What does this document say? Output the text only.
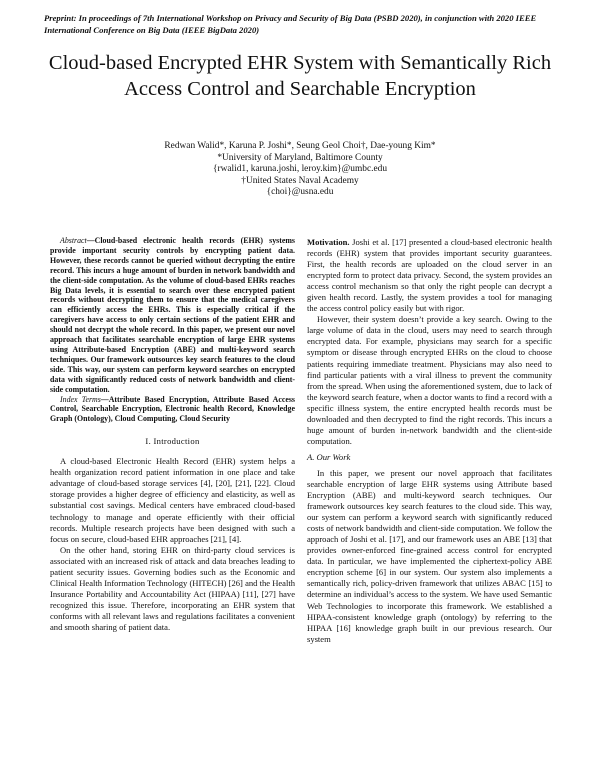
Preprint: In proceedings of 7th International Workshop on Privacy and Security of Big Data (PSBD 2020), in conjunction with 2020 IEEE International Conference on Big Data (IEEE BigData 2020)
Cloud-based Encrypted EHR System with Semantically Rich Access Control and Searchable Encryption
Redwan Walid*, Karuna P. Joshi*, Seung Geol Choi†, Dae-young Kim*
*University of Maryland, Baltimore County
{rwalid1, karuna.joshi, leroy.kim}@umbc.edu
†United States Naval Academy
{choi}@usna.edu

Abstract—Cloud-based electronic health records (EHR) systems provide important security controls by encrypting patient data. However, these records cannot be queried without decrypting the entire record. This incurs a huge amount of burden in network bandwidth and the client-side computation. As the volume of cloud-based EHRs reaches Big Data levels, it is essential to search over these encrypted patient records without decrypting them to ensure that the medical caregivers can efficiently access the EHRs. This is especially critical if the caregivers have access to only certain sections of the patient EHR and should not decrypt the whole record. In this paper, we present our novel approach that facilitates searchable encryption of large EHR systems using Attribute-based Encryption (ABE) and multi-keyword search techniques. Our framework outsources key search features to the cloud side. This way, our system can perform keyword searches on encrypted data with significantly reduced costs of network bandwidth and client-side computation.

Index Terms—Attribute Based Encryption, Attribute Based Access Control, Searchable Encryption, Electronic health Record, Knowledge Graph (Ontology), Cloud Computing, Cloud Security

I. Introduction

A cloud-based Electronic Health Record (EHR) system helps a health organization record patient information in one place and take advantage of cloud-based storage services [4], [20], [21], [22]. Cloud storage provides a higher degree of efficiency and elasticity, as well as substantial cost savings. Medical centers have embraced cloud-based technology to manage and operate efficiently with their official records. Multiple research projects have been designed with such a focus on secure, cloud-based EHR approaches [21], [4].

On the other hand, storing EHR on third-party cloud services is associated with an increased risk of attack and data breaches leading to patient security issues. Governing bodies such as the Economic and Clinical Health Information Technology (HITECH) [26] and the Health Insurance Portability and Accountability Act (HIPAA) [11], [27] have recognized this issue. Therefore, incorporating an EHR system that conforms with all relevant laws and regulations facilitates a convenient and smooth sharing of patient data.

Motivation. Joshi et al. [17] presented a cloud-based electronic health records (EHR) system that provides important security guarantees. First, the health records are uploaded on the cloud server in an encrypted form to protect data privacy. Second, the system provides an access control mechanism so that only the right people can decrypt a given health record. Lastly, the system provides a tool for managing the access control policy easily but with rigor.

However, their system doesn’t provide a key search. Owing to the large volume of data in the cloud, users may need to search through encrypted data. For example, physicians may search for a specific symptom or disease through encrypted EHRs on the cloud to choose patients requiring immediate treatment. Physicians may also need to find particular patients with a viral illness to prevent the community from the spread. When using the aforementioned system, due to lack of the keyword search feature, when a doctor wants to find a record with a specific illness system, the entire encrypted health records must be downloaded and then decrypted to find the right records. This incurs a huge amount of burden in-network bandwidth and the client-side computation.

A. Our Work

In this paper, we present our novel approach that facilitates searchable encryption of large EHR systems using Attribute based Encryption (ABE) and multi-keyword search techniques. Our framework outsources key search features to the cloud side. This way, our system can perform a keyword search with significantly reduced costs of network bandwidth and client-side computation. We follow the approach of Joshi et al. [17], and our framework uses an ABE [13] that provides owner-enforced fine-grained access control for encrypted data. In particular, we have implemented the ciphertext-policy ABE encryption scheme [6] in our system. Our system also implements a semantically rich, policy-driven framework that utilizes ABAC [15] to determine an individual’s access to the system. We have used Semantic Web Technologies to incorporate this framework. We established a HIPAA-consistent knowledge graph (ontology) by referring to the HIPAA [16] knowledge graph built in our previous research. Our system
